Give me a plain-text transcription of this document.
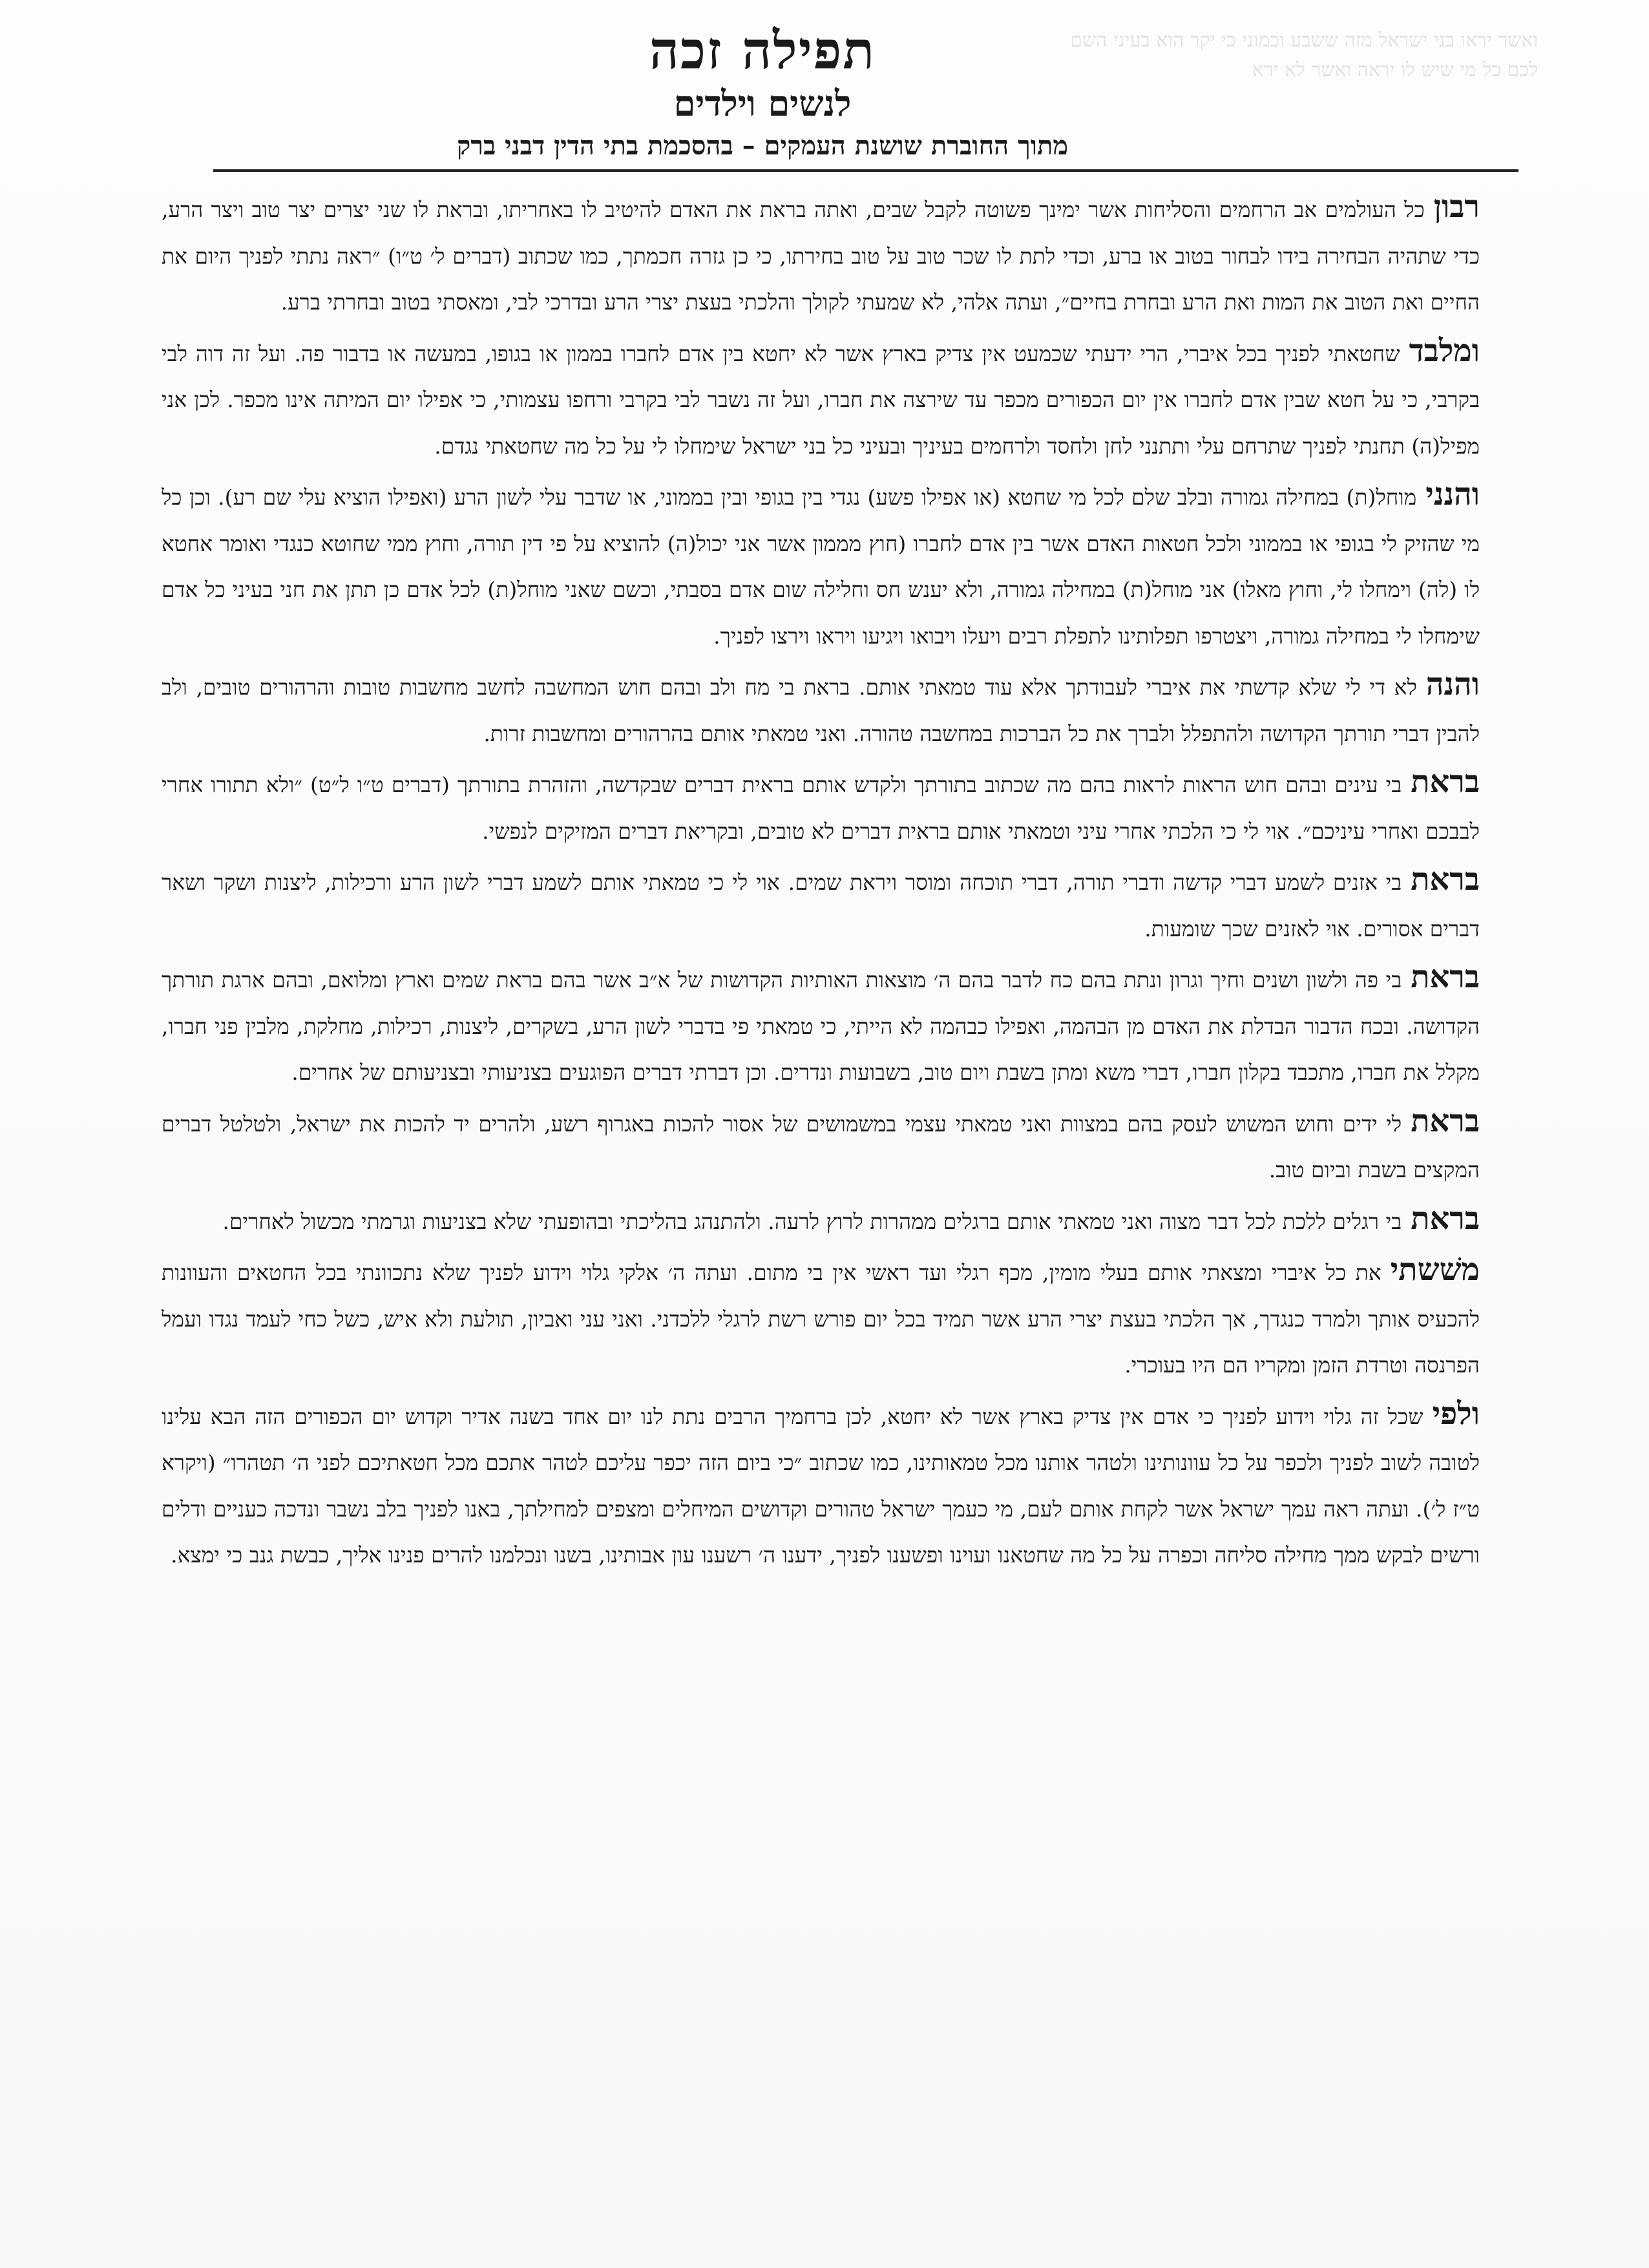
ואשר יראו בני ישראל מזה ששבע וכמוני כי יקר הוא בעיני השם לכם כל מי שיש לו יראה ואשר לא ירא
תפילה זכה
לנשים וילדים

מתוך החוברת שושנת העמקים – בהסכמת בתי הדין דבני ברק

רבוןכל העולמים אב הרחמים והסליחות אשר ימינך פשוטה לקבל שבים, ואתה בראת את האדם להיטיב לו באחריתו, ובראת לו שני יצרים יצר טוב ויצר הרע, כדי שתהיה הבחירה בידו לבחור בטוב או ברע, וכדי לתת לו שכר טוב על טוב בחירתו, כי כן גזרה חכמתך, כמו שכתוב (דברים ל׳ ט״ו) ״ראה נתתי לפניך היום את החיים ואת הטוב את המות ואת הרע ובחרת בחיים״, ועתה אלהי, לא שמעתי לקולך והלכתי בעצת יצרי הרע ובדרכי לבי, ומאסתי בטוב ובחרתי ברע.

ומלבדשחטאתי לפניך בכל איברי, הרי ידעתי שכמעט אין צדיק בארץ אשר לא יחטא בין אדם לחברו בממון או בגופו, במעשה או בדבור פה. ועל זה דוה לבי בקרבי, כי על חטא שבין אדם לחברו אין יום הכפורים מכפר עד שירצה את חברו, ועל זה נשבר לבי בקרבי ורחפו עצמותי, כי אפילו יום המיתה אינו מכפר. לכן אני מפיל(ה) תחנתי לפניך שתרחם עלי ותתנני לחן ולחסד ולרחמים בעיניך ובעיני כל בני ישראל שימחלו לי על כל מה שחטאתי נגדם.

והננימוחל(ת) במחילה גמורה ובלב שלם לכל מי שחטא (או אפילו פשע) נגדי בין בגופי ובין בממוני, או שדבר עלי לשון הרע (ואפילו הוציא עלי שם רע). וכן כל מי שהזיק לי בגופי או בממוני ולכל חטאות האדם אשר בין אדם לחברו (חוץ מממון אשר אני יכול(ה) להוציא על פי דין תורה, וחוץ ממי שחוטא כנגדי ואומר אחטא לו (לה) וימחלו לי, וחוץ מאלו) אני מוחל(ת) במחילה גמורה, ולא יענש חס וחלילה שום אדם בסבתי, וכשם שאני מוחל(ת) לכל אדם כן תתן את חני בעיני כל אדם שימחלו לי במחילה גמורה, ויצטרפו תפלותינו לתפלת רבים ויעלו ויבואו ויגיעו ויראו וירצו לפניך.

והנהלא די לי שלא קדשתי את איברי לעבודתך אלא עוד טמאתי אותם. בראת בי מח ולב ובהם חוש המחשבה לחשב מחשבות טובות והרהורים טובים, ולב להבין דברי תורתך הקדושה ולהתפלל ולברך את כל הברכות במחשבה טהורה. ואני טמאתי אותם בהרהורים ומחשבות זרות.

בראתבי עינים ובהם חוש הראות לראות בהם מה שכתוב בתורתך ולקדש אותם בראית דברים שבקדשה, והזהרת בתורתך (דברים ט״ו ל״ט) ״ולא תתורו אחרי לבבכם ואחרי עיניכם״. אוי לי כי הלכתי אחרי עיני וטמאתי אותם בראית דברים לא טובים, ובקריאת דברים המזיקים לנפשי.

בראתבי אזנים לשמע דברי קדשה ודברי תורה, דברי תוכחה ומוסר ויראת שמים. אוי לי כי טמאתי אותם לשמע דברי לשון הרע ורכילות, ליצנות ושקר ושאר דברים אסורים. אוי לאזנים שכך שומעות.

בראתבי פה ולשון ושנים וחיך וגרון ונתת בהם כח לדבר בהם ה׳ מוצאות האותיות הקדושות של א״ב אשר בהם בראת שמים וארץ ומלואם, ובהם ארגת תורתך הקדושה. ובכח הדבור הבדלת את האדם מן הבהמה, ואפילו כבהמה לא הייתי, כי טמאתי פי בדברי לשון הרע, בשקרים, ליצנות, רכילות, מחלקת, מלבין פני חברו, מקלל את חברו, מתכבד בקלון חברו, דברי משא ומתן בשבת ויום טוב, בשבועות ונדרים. וכן דברתי דברים הפוגעים בצניעותי ובצניעותם של אחרים.

בראתלי ידים וחוש המשוש לעסק בהם במצוות ואני טמאתי עצמי במשמושים של אסור להכות באגרוף רשע, ולהרים יד להכות את ישראל, ולטלטל דברים המקצים בשבת וביום טוב.

בראתבי רגלים ללכת לכל דבר מצוה ואני טמאתי אותם ברגלים ממהרות לרוץ לרעה. ולהתנהג בהליכתי ובהופעתי שלא בצניעות וגרמתי מכשול לאחרים.

משׁשתיאת כל איברי ומצאתי אותם בעלי מומין, מכף רגלי ועד ראשי אין בי מתום. ועתה ה׳ אלקי גלוי וידוע לפניך שלא נתכוונתי בכל החטאים והעוונות להכעיס אותך ולמרד כנגדך, אך הלכתי בעצת יצרי הרע אשר תמיד בכל יום פורש רשת לרגלי ללכדני. ואני עני ואביון, תולעת ולא איש, כשל כחי לעמד נגדו ועמל הפרנסה וטרדת הזמן ומקריו הם היו בעוכרי.

ולפישכל זה גלוי וידוע לפניך כי אדם אין צדיק בארץ אשר לא יחטא, לכן ברחמיך הרבים נתת לנו יום אחד בשנה אדיר וקדוש יום הכפורים הזה הבא עלינו לטובה לשוב לפניך ולכפר על כל עוונותינו ולטהר אותנו מכל טמאותינו, כמו שכתוב ״כי ביום הזה יכפר עליכם לטהר אתכם מכל חטאתיכם לפני ה׳ תטהרו״ (ויקרא ט״ז ל׳). ועתה ראה עמך ישראל אשר לקחת אותם לעם, מי כעמך ישראל טהורים וקדושים המיחלים ומצפים למחילתך, באנו לפניך בלב נשבר ונדכה כעניים ודלים ורשים לבקש ממך מחילה סליחה וכפרה על כל מה שחטאנו ועוינו ופשענו לפניך, ידענו ה׳ רשענו עון אבותינו, בשנו ונכלמנו להרים פנינו אליך, כבשת גנב כי ימצא.
